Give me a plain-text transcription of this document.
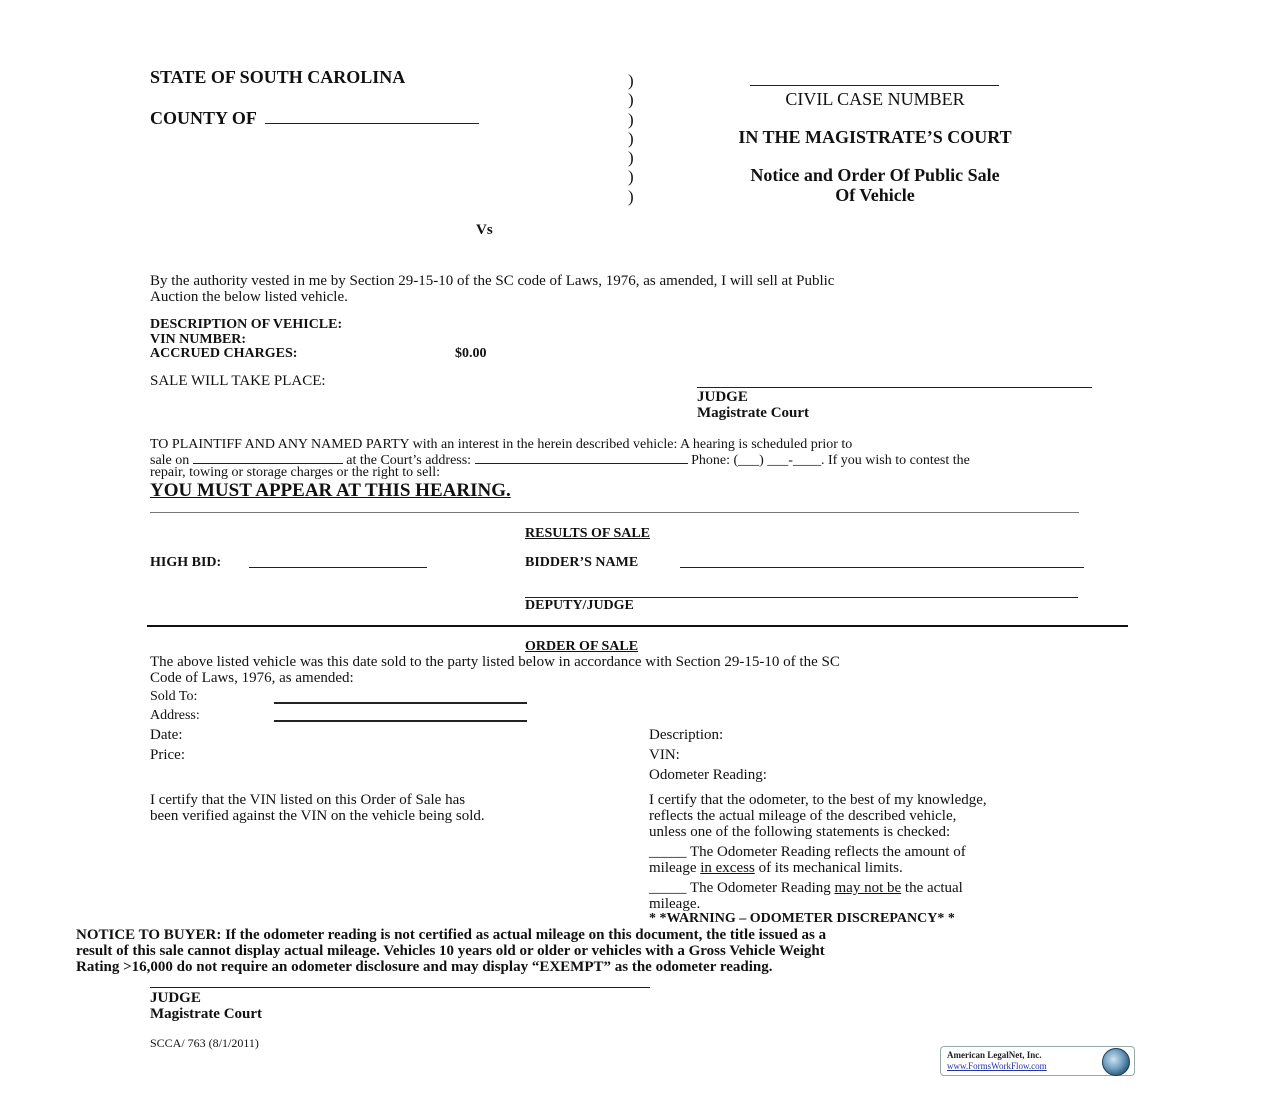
STATE OF SOUTH CAROLINA
COUNTY OF
Vs
)
)
)
)
)
)
)
CIVIL CASE NUMBER
IN THE MAGISTRATE’S COURT
Notice and Order Of Public Sale
Of Vehicle
By the authority vested in me by Section 29-15-10 of the SC code of Laws, 1976, as amended, I will sell at Public
Auction the below listed vehicle.
DESCRIPTION OF VEHICLE:
VIN NUMBER:
ACCRUED CHARGES:	$0.00
SALE WILL TAKE PLACE:
JUDGE
Magistrate Court
TO PLAINTIFF AND ANY NAMED PARTY with an interest in the herein described vehicle: A hearing is scheduled prior to
sale on	at the Court’s address:	Phone: (___) ___-____. If you wish to contest the
repair, towing or storage charges or the right to sell:
YOU MUST APPEAR AT THIS HEARING.
RESULTS OF SALE
HIGH BID:	BIDDER’S NAME
DEPUTY/JUDGE
ORDER OF SALE
The above listed vehicle was this date sold to the party listed below in accordance with Section 29-15-10 of the SC
Code of Laws, 1976, as amended:
Sold To:
Address:
Date:
Price:
Description:
VIN:
Odometer Reading:
I certify that the VIN listed on this Order of Sale has
been verified against the VIN on the vehicle being sold.
I certify that the odometer, to the best of my knowledge,
reflects the actual mileage of the described vehicle,
unless one of the following statements is checked:
_____ The Odometer Reading reflects the amount of
mileage in excess of its mechanical limits.
_____ The Odometer Reading may not be the actual
mileage.
* *WARNING – ODOMETER DISCREPANCY* *
NOTICE TO BUYER: If the odometer reading is not certified as actual mileage on this document, the title issued as a
result of this sale cannot display actual mileage. Vehicles 10 years old or older or vehicles with a Gross Vehicle Weight
Rating >16,000 do not require an odometer disclosure and may display “EXEMPT” as the odometer reading.
JUDGE
Magistrate Court
SCCA/ 763 (8/1/2011)
American LegalNet, Inc.
www.FormsWorkFlow.com
